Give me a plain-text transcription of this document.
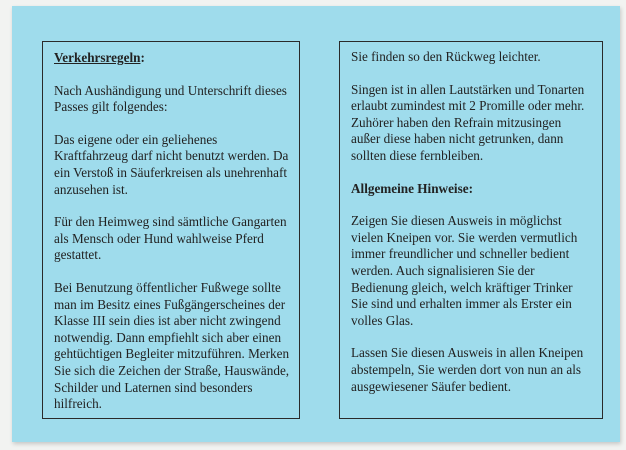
Verkehrsregeln:

Nach Aushändigung und Unterschrift dieses Passes gilt folgendes:

Das eigene oder ein geliehenes Kraftfahrzeug darf nicht benutzt werden. Da ein Verstoß in Säuferkreisen als unehrenhaft anzusehen ist.

Für den Heimweg sind sämtliche Gangarten als Mensch oder Hund wahlweise Pferd gestattet.

Bei Benutzung öffentlicher Fußwege sollte man im Besitz eines Fußgängerscheines der Klasse III sein dies ist aber nicht zwingend notwendig. Dann empfiehlt sich aber einen gehtüchtigen Begleiter mitzuführen. Merken Sie sich die Zeichen der Straße, Hauswände, Schilder und Laternen sind besonders hilfreich.

Sie finden so den Rückweg leichter.

Singen ist in allen Lautstärken und Tonarten erlaubt zumindest mit 2 Promille oder mehr. Zuhörer haben den Refrain mitzusingen außer diese haben nicht getrunken, dann sollten diese fernbleiben.

Allgemeine Hinweise:

Zeigen Sie diesen Ausweis in möglichst vielen Kneipen vor. Sie werden vermutlich immer freundlicher und schneller bedient werden. Auch signalisieren Sie der Bedienung gleich, welch kräftiger Trinker Sie sind und erhalten immer als Erster ein volles Glas.

Lassen Sie diesen Ausweis in allen Kneipen abstempeln, Sie werden dort von nun an als ausgewiesener Säufer bedient.
